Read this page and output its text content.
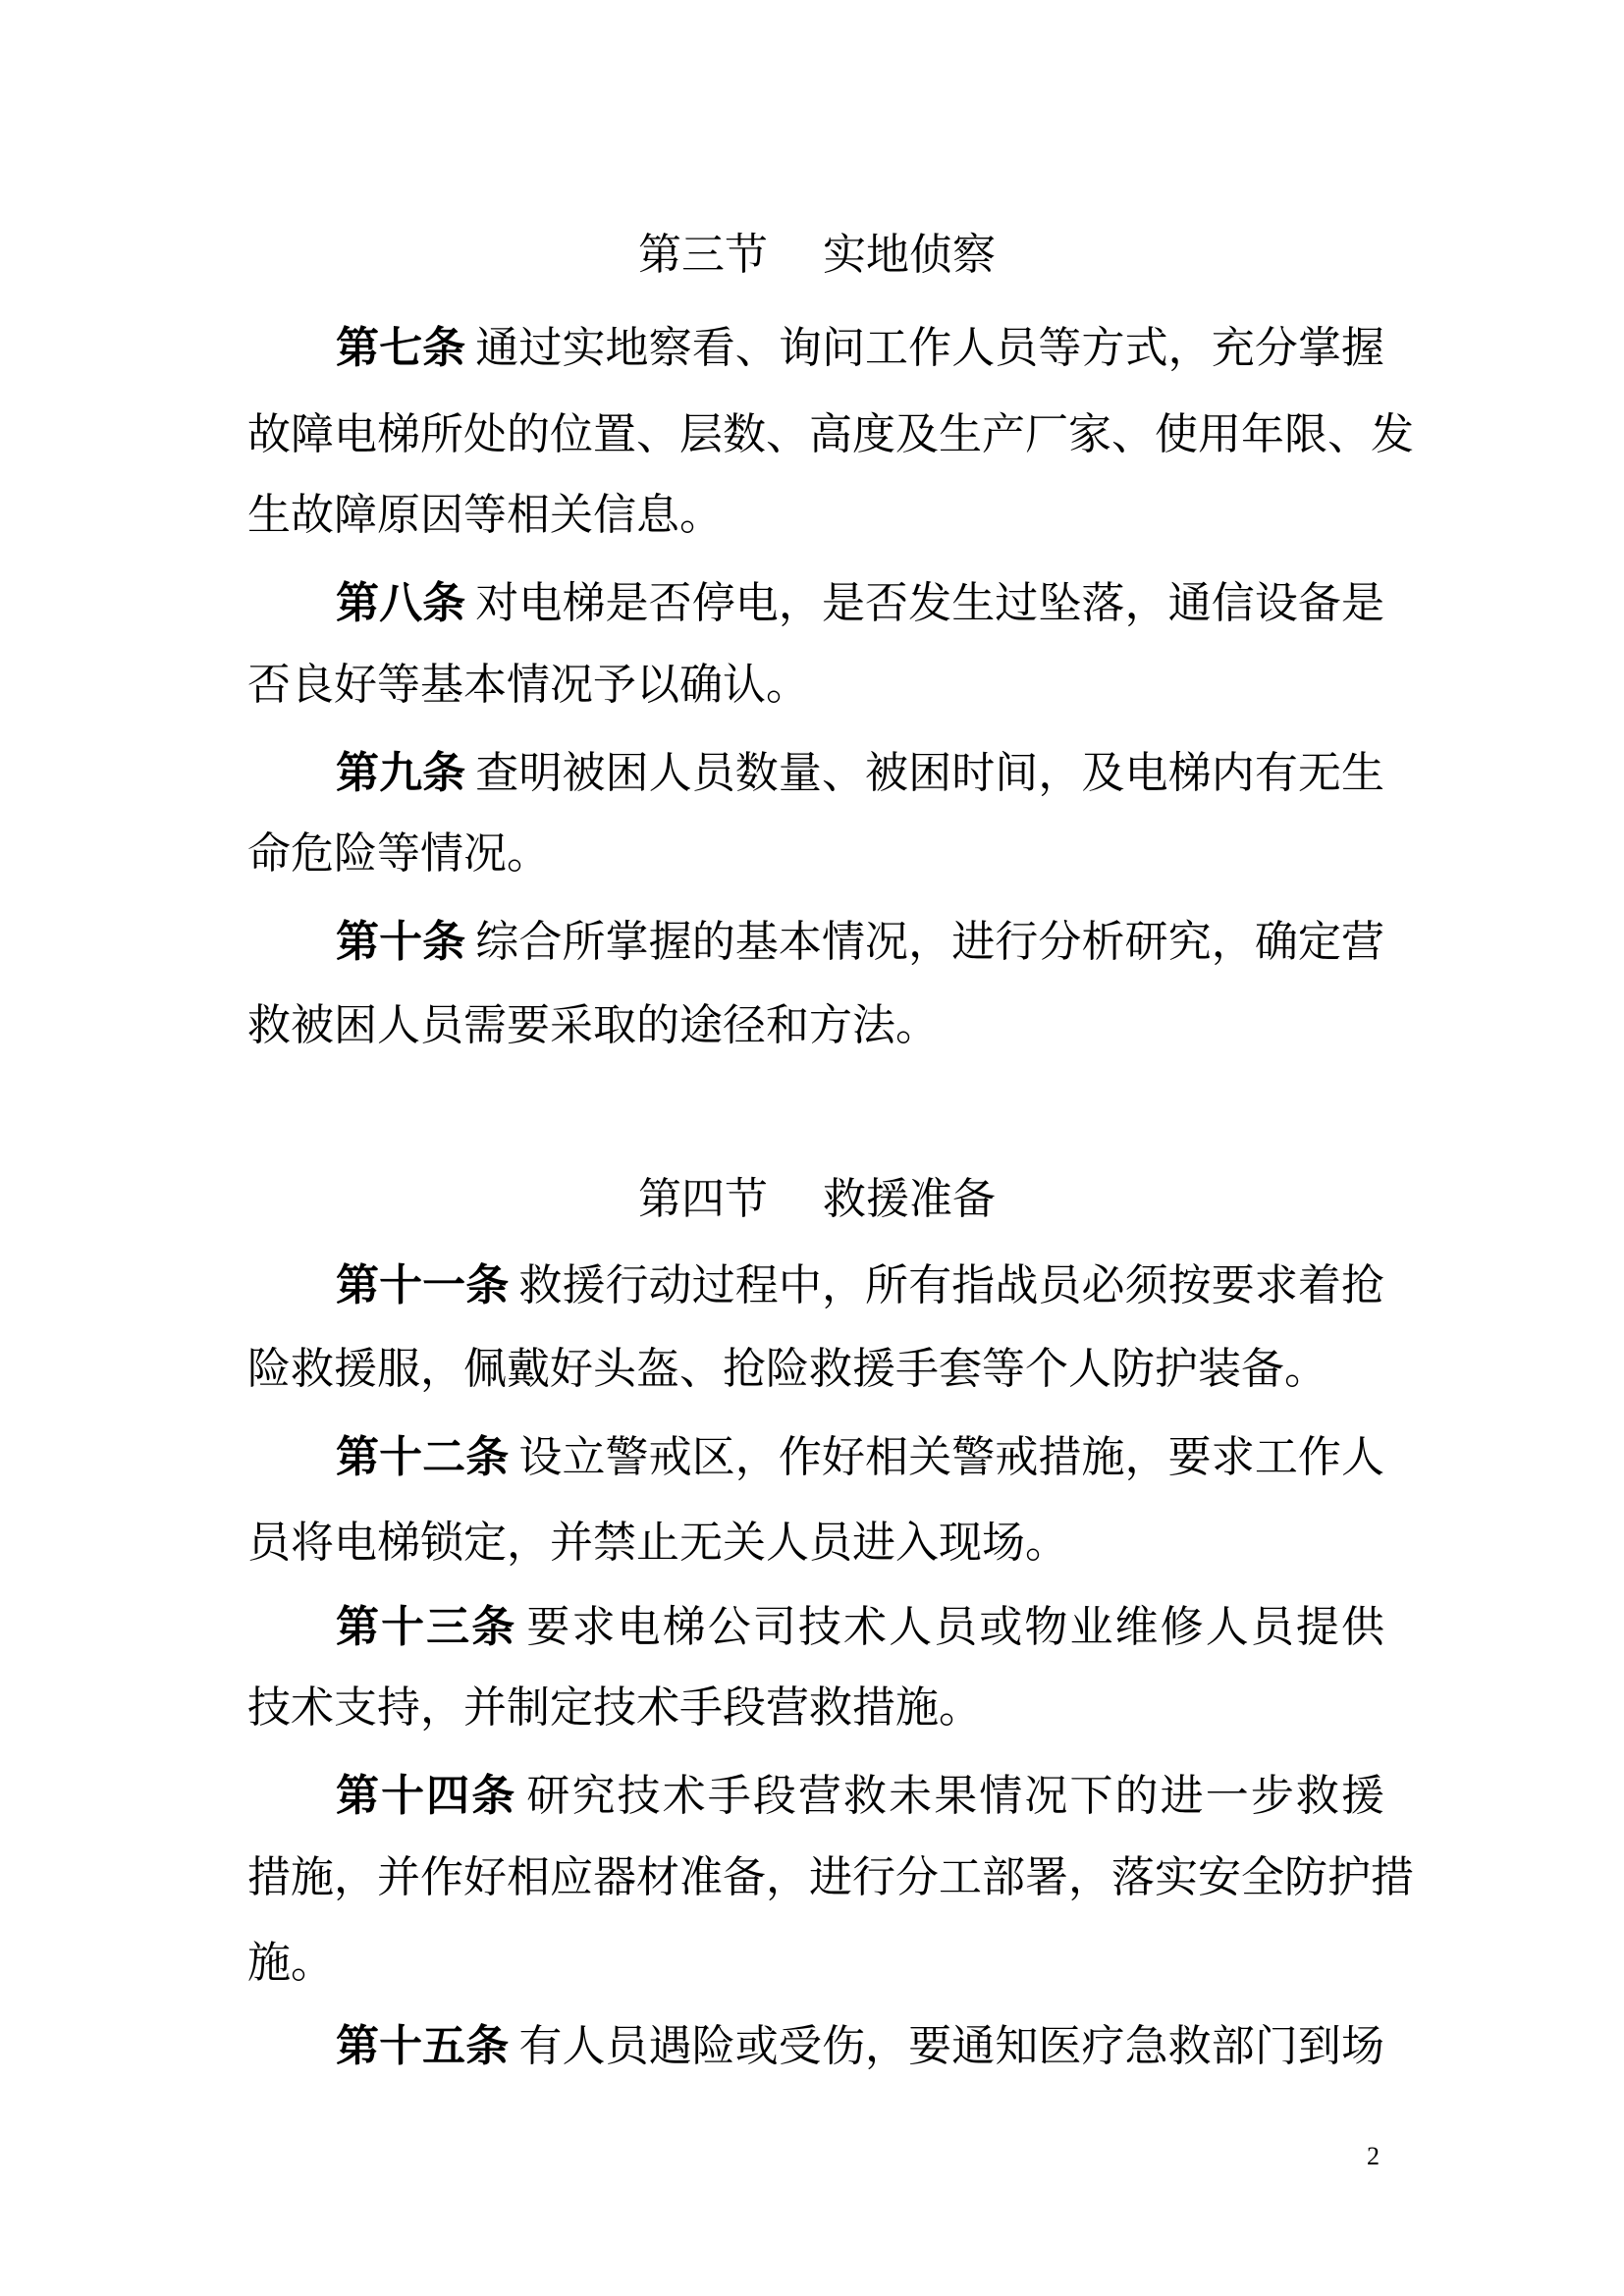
第三节    实地侦察
第七条 通过实地察看、询问工作人员等方式，充分掌握
故障电梯所处的位置、层数、高度及生产厂家、使用年限、发
生故障原因等相关信息。
第八条 对电梯是否停电，是否发生过坠落，通信设备是
否良好等基本情况予以确认。
第九条 查明被困人员数量、被困时间，及电梯内有无生
命危险等情况。
第十条 综合所掌握的基本情况，进行分析研究，确定营
救被困人员需要采取的途径和方法。
第四节    救援准备
第十一条 救援行动过程中，所有指战员必须按要求着抢
险救援服，佩戴好头盔、抢险救援手套等个人防护装备。
第十二条 设立警戒区，作好相关警戒措施，要求工作人
员将电梯锁定，并禁止无关人员进入现场。
第十三条 要求电梯公司技术人员或物业维修人员提供
技术支持，并制定技术手段营救措施。
第十四条 研究技术手段营救未果情况下的进一步救援
措施，并作好相应器材准备，进行分工部署，落实安全防护措
施。
第十五条 有人员遇险或受伤，要通知医疗急救部门到场
2
